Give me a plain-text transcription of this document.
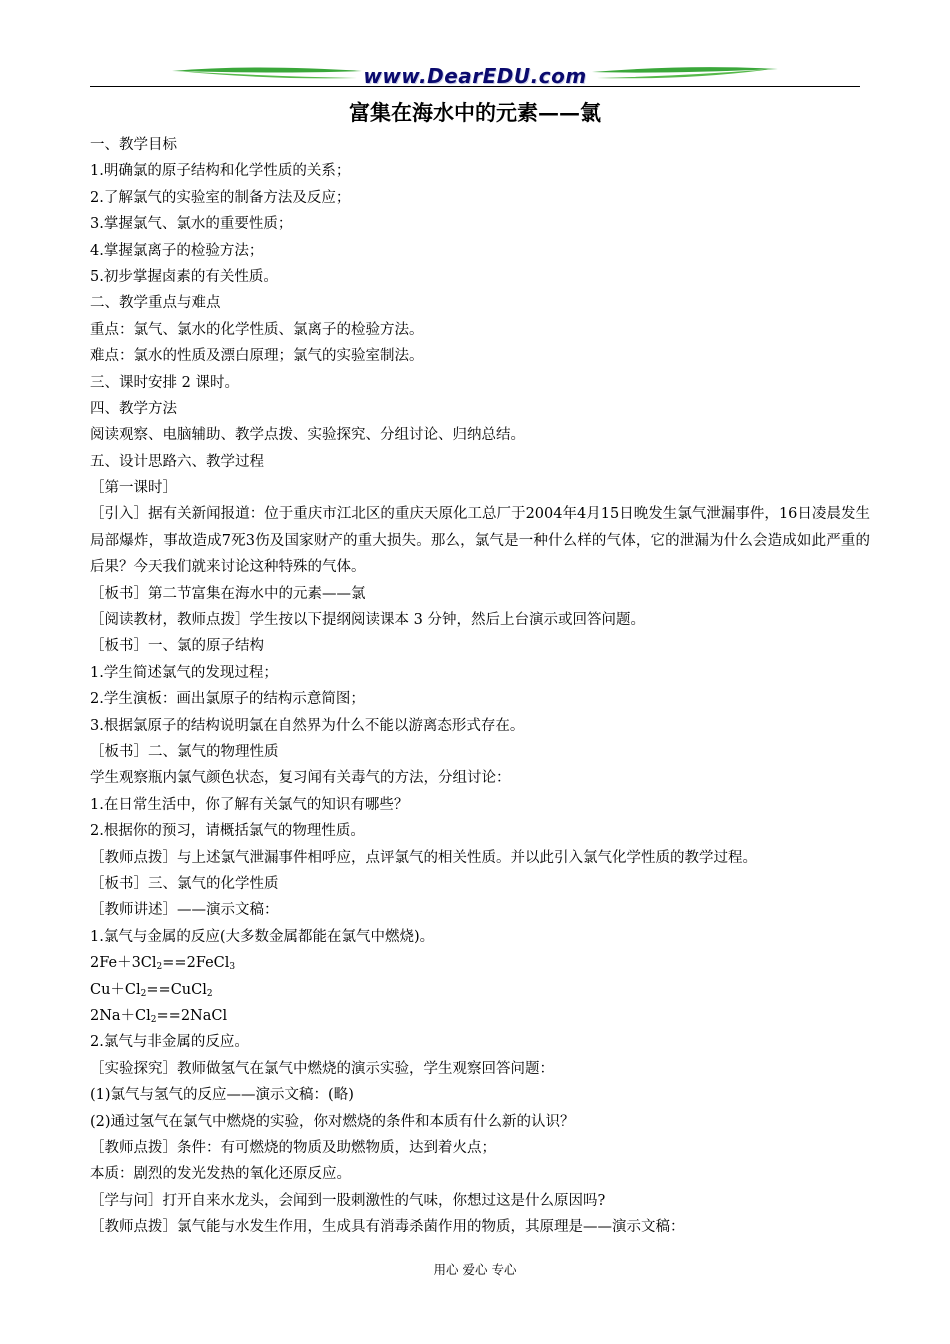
www.DearEDU.com
富集在海水中的元素——氯
一、教学目标
1.明确氯的原子结构和化学性质的关系；
2.了解氯气的实验室的制备方法及反应；
3.掌握氯气、氯水的重要性质；
4.掌握氯离子的检验方法；
5.初步掌握卤素的有关性质。
二、教学重点与难点
重点：氯气、氯水的化学性质、氯离子的检验方法。
难点：氯水的性质及漂白原理；氯气的实验室制法。
三、课时安排 2 课时。
四、教学方法
阅读观察、电脑辅助、教学点拨、实验探究、分组讨论、归纳总结。
五、设计思路六、教学过程
［第一课时］
［引入］据有关新闻报道：位于重庆市江北区的重庆天原化工总厂于2004年4月15日晚发生氯气泄漏事件，16日凌晨发生局部爆炸，事故造成7死3伤及国家财产的重大损失。那么，氯气是一种什么样的气体，它的泄漏为什么会造成如此严重的后果？今天我们就来讨论这种特殊的气体。
［板书］第二节富集在海水中的元素——氯
［阅读教材，教师点拨］学生按以下提纲阅读课本 3 分钟，然后上台演示或回答问题。
［板书］一、氯的原子结构
1.学生简述氯气的发现过程；
2.学生演板：画出氯原子的结构示意简图；
3.根据氯原子的结构说明氯在自然界为什么不能以游离态形式存在。
［板书］二、氯气的物理性质
学生观察瓶内氯气颜色状态，复习闻有关毒气的方法，分组讨论：
1.在日常生活中，你了解有关氯气的知识有哪些？
2.根据你的预习，请概括氯气的物理性质。
［教师点拨］与上述氯气泄漏事件相呼应，点评氯气的相关性质。并以此引入氯气化学性质的教学过程。
［板书］三、氯气的化学性质
［教师讲述］——演示文稿：
1.氯气与金属的反应(大多数金属都能在氯气中燃烧)。
$2Fe+3Cl_2==2FeCl_3$
$Cu+Cl_2==CuCl_2$
$2Na+Cl_2==2NaCl$
2.氯气与非金属的反应。
［实验探究］教师做氢气在氯气中燃烧的演示实验，学生观察回答问题：
(1)氯气与氢气的反应——演示文稿：(略)
(2)通过氢气在氯气中燃烧的实验，你对燃烧的条件和本质有什么新的认识？
［教师点拨］条件：有可燃烧的物质及助燃物质，达到着火点；
本质：剧烈的发光发热的氧化还原反应。
［学与问］打开自来水龙头，会闻到一股刺激性的气味，你想过这是什么原因吗?
［教师点拨］氯气能与水发生作用，生成具有消毒杀菌作用的物质，其原理是——演示文稿：
用心 爱心 专心
